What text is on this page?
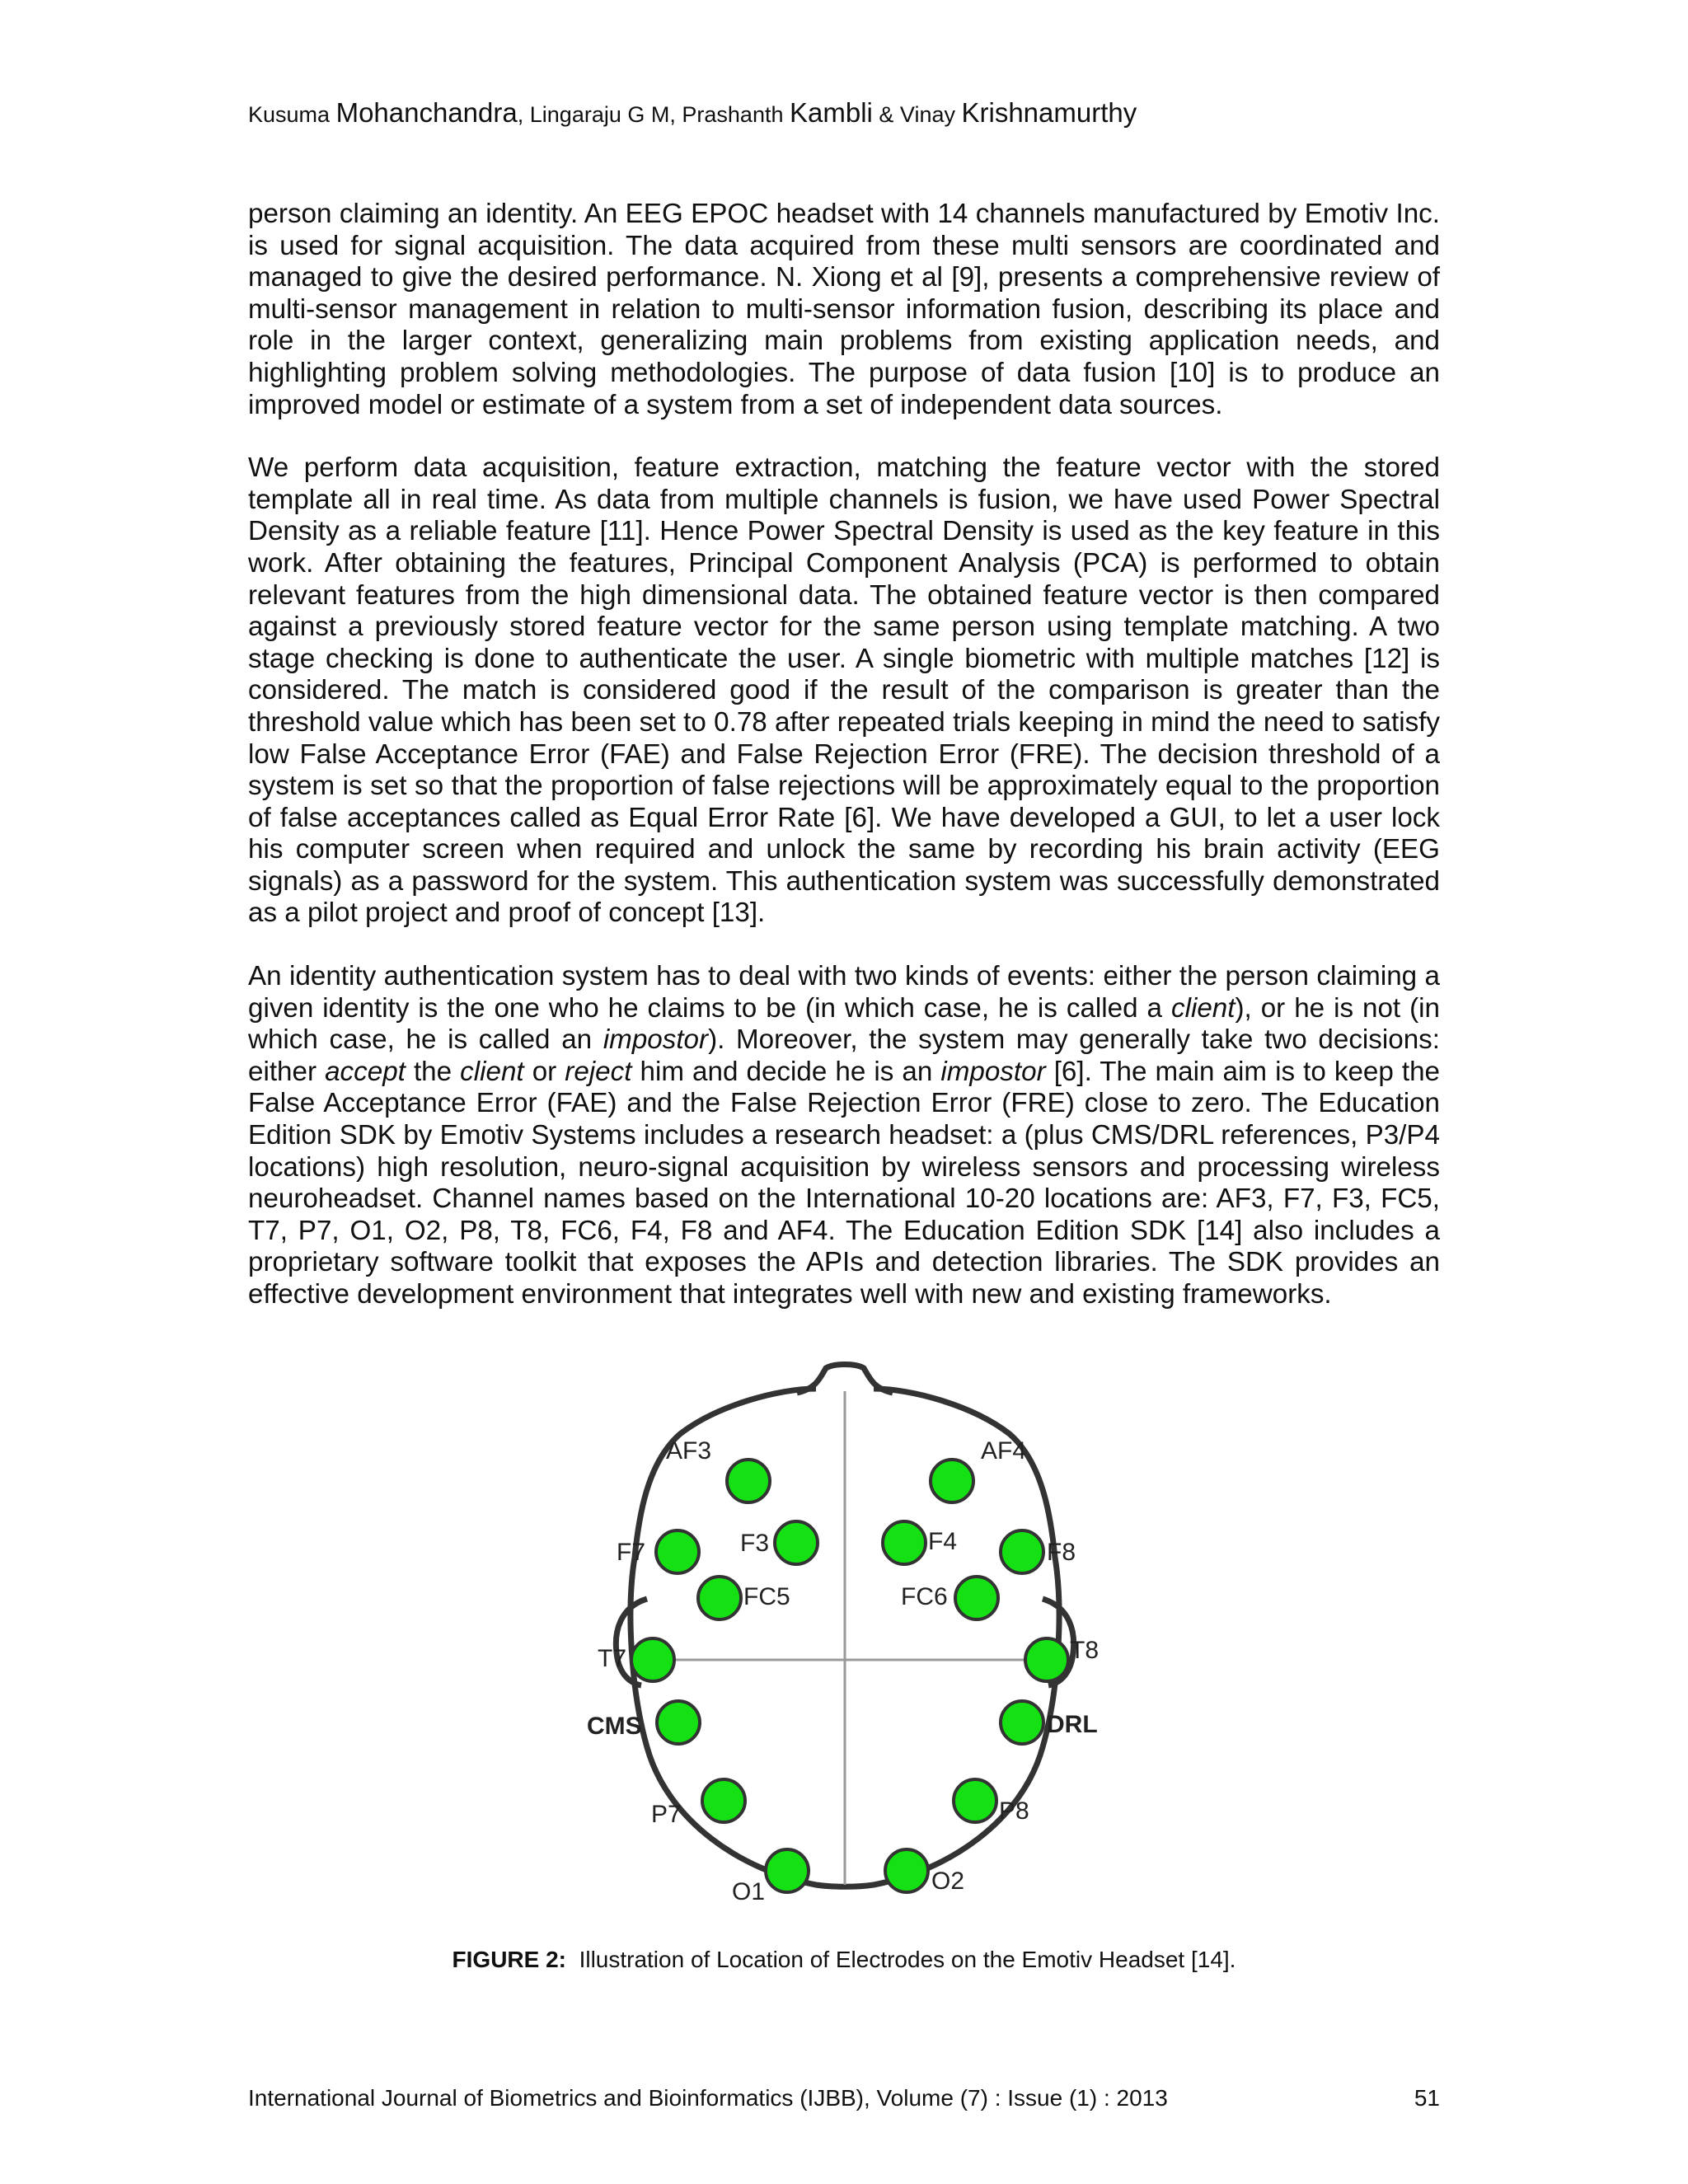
Kusuma Mohanchandra, Lingaraju G M, Prashanth Kambli & Vinay Krishnamurthy

person claiming an identity. An EEG EPOC headset with 14 channels manufactured by Emotiv Inc. is used for signal acquisition. The data acquired from these multi sensors are coordinated and managed to give the desired performance. N. Xiong et al [9], presents a comprehensive review of multi-sensor management in relation to multi-sensor information fusion, describing its place and role in the larger context, generalizing main problems from existing application needs, and highlighting problem solving methodologies. The purpose of data fusion [10] is to produce an improved model or estimate of a system from a set of independent data sources.

We perform data acquisition, feature extraction, matching the feature vector with the stored template all in real time. As data from multiple channels is fusion, we have used Power Spectral Density as a reliable feature [11]. Hence Power Spectral Density is used as the key feature in this work. After obtaining the features, Principal Component Analysis (PCA) is performed to obtain relevant features from the high dimensional data. The obtained feature vector is then compared against a previously stored feature vector for the same person using template matching. A two stage checking is done to authenticate the user. A single biometric with multiple matches [12] is considered. The match is considered good if the result of the comparison is greater than the threshold value which has been set to 0.78 after repeated trials keeping in mind the need to satisfy low False Acceptance Error (FAE) and False Rejection Error (FRE). The decision threshold of a system is set so that the proportion of false rejections will be approximately equal to the proportion of false acceptances called as Equal Error Rate [6]. We have developed a GUI, to let a user lock his computer screen when required and unlock the same by recording his brain activity (EEG signals) as a password for the system. This authentication system was successfully demonstrated as a pilot project and proof of concept [13].

An identity authentication system has to deal with two kinds of events: either the person claiming a given identity is the one who he claims to be (in which case, he is called a client), or he is not (in which case, he is called an impostor). Moreover, the system may generally take two decisions: either accept the client or reject him and decide he is an impostor [6]. The main aim is to keep the False Acceptance Error (FAE) and the False Rejection Error (FRE) close to zero. The Education Edition SDK by Emotiv Systems includes a research headset: a (plus CMS/DRL references, P3/P4 locations) high resolution, neuro-signal acquisition by wireless sensors and processing wireless neuroheadset. Channel names based on the International 10-20 locations are: AF3, F7, F3, FC5, T7, P7, O1, O2, P8, T8, FC6, F4, F8 and AF4. The Education Edition SDK [14] also includes a proprietary software toolkit that exposes the APIs and detection libraries. The SDK provides an effective development environment that integrates well with new and existing frameworks.

AF3	AF4
F7	F3	F4	F8
FC5	FC6
T7	T8
CMS	DRL
P7	P8
O1	O2
FIGURE 2: Illustration of Location of Electrodes on the Emotiv Headset [14].
International Journal of Biometrics and Bioinformatics (IJBB), Volume (7) : Issue (1) : 2013	51
